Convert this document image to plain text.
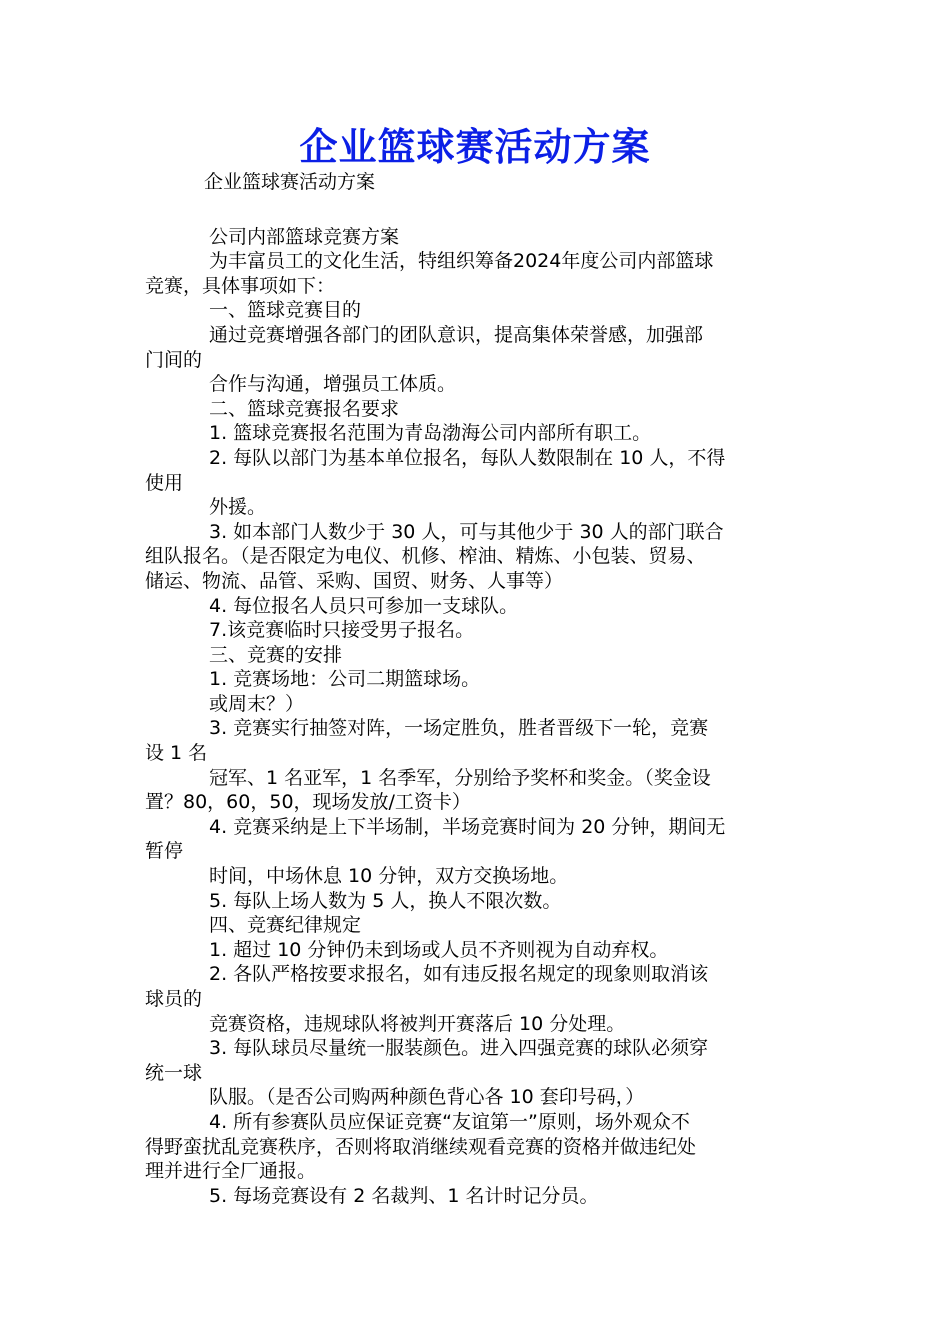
企业篮球赛活动方案
企业篮球赛活动方案
公司内部篮球竞赛方案
为丰富员工的文化生活，特组织筹备2024年度公司内部篮球
竞赛，具体事项如下：
一、篮球竞赛目的
通过竞赛增强各部门的团队意识，提高集体荣誉感，加强部
门间的
合作与沟通，增强员工体质。
二、篮球竞赛报名要求
1. 篮球竞赛报名范围为青岛渤海公司内部所有职工。
2. 每队以部门为基本单位报名，每队人数限制在 10 人，不得
使用
外援。
3. 如本部门人数少于 30 人，可与其他少于 30 人的部门联合
组队报名。（是否限定为电仪、机修、榨油、精炼、小包装、贸易、
储运、物流、品管、采购、国贸、财务、人事等）
4. 每位报名人员只可参加一支球队。
7.该竞赛临时只接受男子报名。
三、竞赛的安排
1. 竞赛场地：公司二期篮球场。
或周末？）
3. 竞赛实行抽签对阵，一场定胜负，胜者晋级下一轮，竞赛
设 1 名
冠军、1 名亚军，1 名季军，分别给予奖杯和奖金。（奖金设
置？80，60，50，现场发放/工资卡）
4. 竞赛采纳是上下半场制，半场竞赛时间为 20 分钟，期间无
暂停
时间，中场休息 10 分钟，双方交换场地。
5. 每队上场人数为 5 人，换人不限次数。
四、竞赛纪律规定
1. 超过 10 分钟仍未到场或人员不齐则视为自动弃权。
2. 各队严格按要求报名，如有违反报名规定的现象则取消该
球员的
竞赛资格，违规球队将被判开赛落后 10 分处理。
3. 每队球员尽量统一服装颜色。进入四强竞赛的球队必须穿
统一球
队服。（是否公司购两种颜色背心各 10 套印号码，）
4. 所有参赛队员应保证竞赛“友谊第一”原则，场外观众不
得野蛮扰乱竞赛秩序，否则将取消继续观看竞赛的资格并做违纪处
理并进行全厂通报。
5. 每场竞赛设有 2 名裁判、1 名计时记分员。
